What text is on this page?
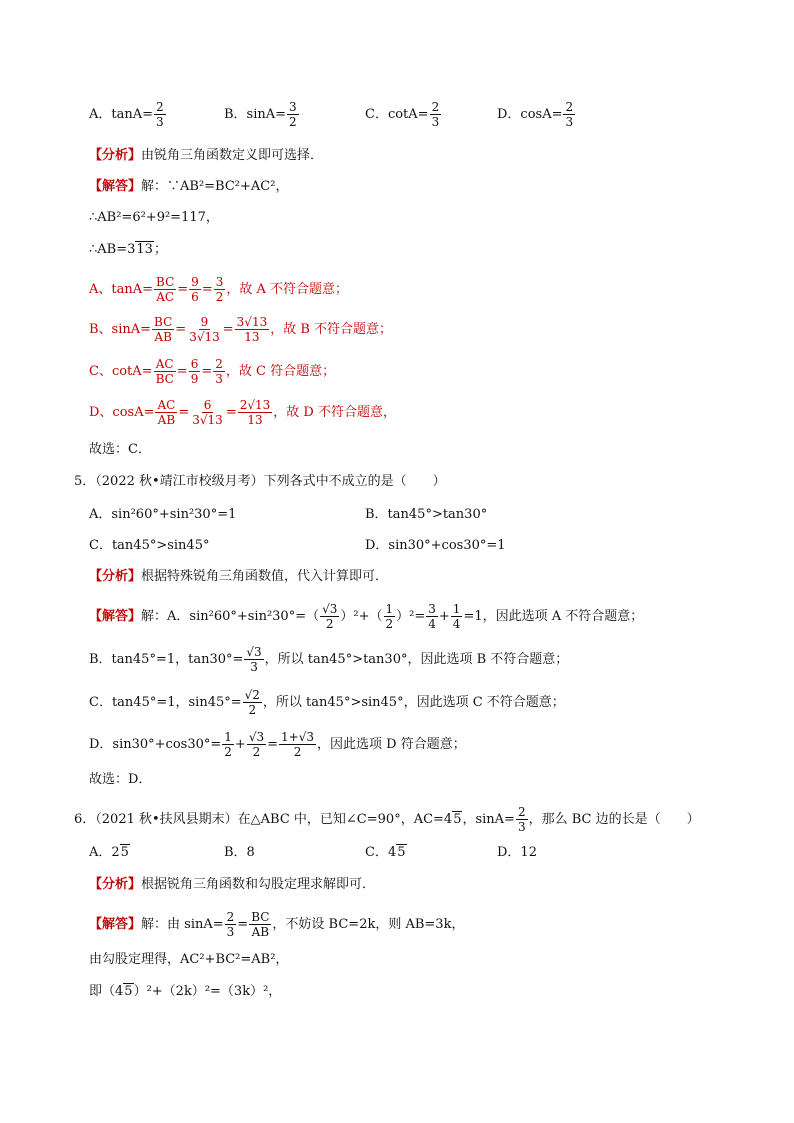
A．$\tan A= \frac{2}{3}$	B．$\sin A= \frac{3}{2}$	C．$\cot A= \frac{2}{3}$	D．$\cos A= \frac{2}{3}$
【分析】由锐角三角函数定义即可选择．
【解答】解：∵AB²=BC²+AC²，
∴AB²=6²+9²=117，
∴AB=313；
A、$\tan A= \frac{BC}{AC} = \frac{9}{6} = \frac{3}{2}$ ，故 A 不符合题意；
B、$\sin A= \frac{BC}{AB} = \frac{9}{3√13} = \frac{3√13}{13}$ ，故 B 不符合题意；
C、$\cot A= \frac{AC}{BC} = \frac{6}{9} = \frac{2}{3}$ ，故 C 符合题意；
D、$\cos A= \frac{AC}{AB} = \frac{6}{3√13} = \frac{2√13}{13}$ ，故 D 不符合题意，
故选：C．
5．（2022 秋•靖江市校级月考）下列各式中不成立的是（　　）
A．sin²60°+sin²30°=1	B．tan45°>tan30°
C．tan45°>sin45°	D．sin30°+cos30°=1
【分析】根据特殊锐角三角函数值，代入计算即可．
【解答】解：A．$\sin^260^\circ+\sin^230^\circ=( \frac{√3}{2} )^2+( \frac{1}{2} )^2= \frac{3}{4} + \frac{1}{4} =1$，因此选项 A 不符合题意；
B．tan45°=1，$\tan 30^\circ= \frac{√3}{3}$ ，所以 tan45°>tan30°，因此选项 B 不符合题意；
C．tan45°=1，$\sin 45^\circ= \frac{√2}{2}$ ，所以 tan45°>sin45°，因此选项 C 不符合题意；
D．$\sin 30^\circ+\cos 30^\circ= \frac{1}{2} + \frac{√3}{2} = \frac{1+√3}{2}$ ，因此选项 D 符合题意；
故选：D．
6．（2021 秋•扶风县期末）在△ABC 中，已知∠C=90°，AC=45，$\sin A= \frac{2}{3}$ ，那么 BC 边的长是（　　）
A．25	B．8	C．45	D．12
【分析】根据锐角三角函数和勾股定理求解即可．
【解答】解：由 $\sin A= \frac{2}{3} = \frac{BC}{AB}$ ，不妨设 BC=2k，则 AB=3k，
由勾股定理得，AC²+BC²=AB²，
即（45）²+（2k）²=（3k）²，
